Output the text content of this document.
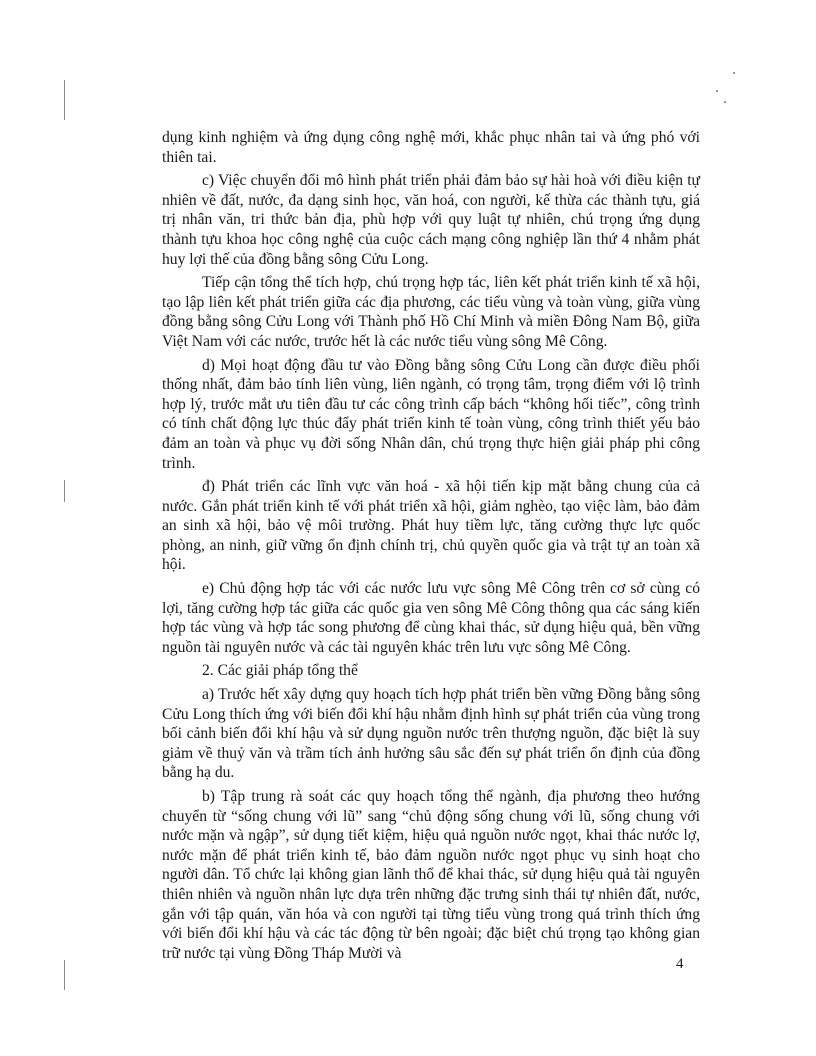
dụng kinh nghiệm và ứng dụng công nghệ mới, khắc phục nhân tai và ứng phó với thiên tai.

c) Việc chuyển đổi mô hình phát triển phải đảm bảo sự hài hoà với điều kiện tự nhiên về đất, nước, đa dạng sinh học, văn hoá, con người, kế thừa các thành tựu, giá trị nhân văn, tri thức bản địa, phù hợp với quy luật tự nhiên, chú trọng ứng dụng thành tựu khoa học công nghệ của cuộc cách mạng công nghiệp lần thứ 4 nhằm phát huy lợi thế của đồng bằng sông Cửu Long.

Tiếp cận tổng thể tích hợp, chú trọng hợp tác, liên kết phát triển kinh tế xã hội, tạo lập liên kết phát triển giữa các địa phương, các tiểu vùng và toàn vùng, giữa vùng đồng bằng sông Cửu Long với Thành phố Hồ Chí Minh và miền Đông Nam Bộ, giữa Việt Nam với các nước, trước hết là các nước tiểu vùng sông Mê Công.

d) Mọi hoạt động đầu tư vào Đồng bằng sông Cửu Long cần được điều phối thống nhất, đảm bảo tính liên vùng, liên ngành, có trọng tâm, trọng điểm với lộ trình hợp lý, trước mắt ưu tiên đầu tư các công trình cấp bách “không hối tiếc”, công trình có tính chất động lực thúc đẩy phát triển kinh tế toàn vùng, công trình thiết yếu bảo đảm an toàn và phục vụ đời sống Nhân dân, chú trọng thực hiện giải pháp phi công trình.

đ) Phát triển các lĩnh vực văn hoá - xã hội tiến kịp mặt bằng chung của cả nước. Gắn phát triển kinh tế với phát triển xã hội, giảm nghèo, tạo việc làm, bảo đảm an sinh xã hội, bảo vệ môi trường. Phát huy tiềm lực, tăng cường thực lực quốc phòng, an ninh, giữ vững ổn định chính trị, chủ quyền quốc gia và trật tự an toàn xã hội.

e) Chủ động hợp tác với các nước lưu vực sông Mê Công trên cơ sở cùng có lợi, tăng cường hợp tác giữa các quốc gia ven sông Mê Công thông qua các sáng kiến hợp tác vùng và hợp tác song phương để cùng khai thác, sử dụng hiệu quả, bền vững nguồn tài nguyên nước và các tài nguyên khác trên lưu vực sông Mê Công.

2. Các giải pháp tổng thể

a) Trước hết xây dựng quy hoạch tích hợp phát triển bền vững Đồng bằng sông Cửu Long thích ứng với biến đổi khí hậu nhằm định hình sự phát triển của vùng trong bối cảnh biến đổi khí hậu và sử dụng nguồn nước trên thượng nguồn, đặc biệt là suy giảm về thuỷ văn và trầm tích ảnh hưởng sâu sắc đến sự phát triển ổn định của đồng bằng hạ du.

b) Tập trung rà soát các quy hoạch tổng thể ngành, địa phương theo hướng chuyển từ “sống chung với lũ” sang “chủ động sống chung với lũ, sống chung với nước mặn và ngập”, sử dụng tiết kiệm, hiệu quả nguồn nước ngọt, khai thác nước lợ, nước mặn để phát triển kinh tế, bảo đảm nguồn nước ngọt phục vụ sinh hoạt cho người dân. Tổ chức lại không gian lãnh thổ để khai thác, sử dụng hiệu quả tài nguyên thiên nhiên và nguồn nhân lực dựa trên những đặc trưng sinh thái tự nhiên đất, nước, gắn với tập quán, văn hóa và con người tại từng tiểu vùng trong quá trình thích ứng với biến đổi khí hậu và các tác động từ bên ngoài; đặc biệt chú trọng tạo không gian trữ nước tại vùng Đồng Tháp Mười và

4
